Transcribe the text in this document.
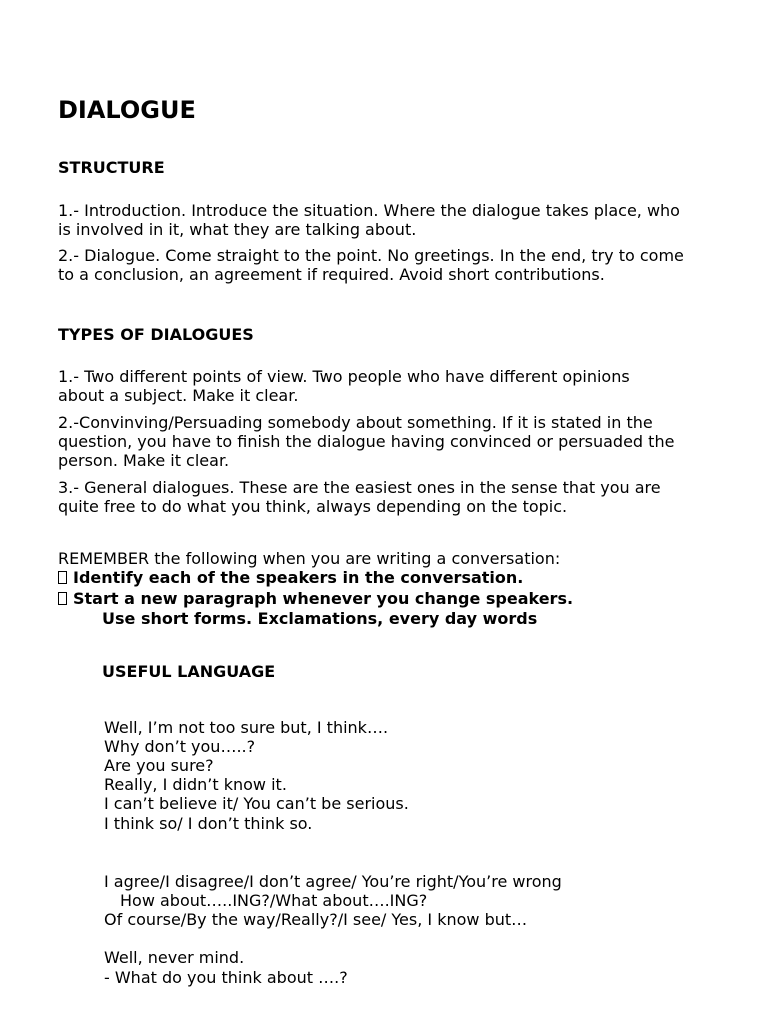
DIALOGUE
STRUCTURE

1.- Introduction. Introduce the situation. Where the dialogue takes place, who

is involved in it, what they are talking about.

2.- Dialogue. Come straight to the point. No greetings. In the end, try to come

to a conclusion, an agreement if required. Avoid short contributions.

TYPES OF DIALOGUES

1.- Two different points of view. Two people who have different opinions

about a subject. Make it clear.

2.-Convinving/Persuading somebody about something. If it is stated in the

question, you have to finish the dialogue having convinced or persuaded the

person. Make it clear.

3.- General dialogues. These are the easiest ones in the sense that you are

quite free to do what you think, always depending on the topic.

REMEMBER the following when you are writing a conversation:

Identify each of the speakers in the conversation.

Start a new paragraph whenever you change speakers.

Use short forms. Exclamations, every day words

USEFUL LANGUAGE

Well, I’m not too sure but, I think….

Why don’t you…..?

Are you sure?

Really, I didn’t know it.

I can’t believe it/ You can’t be serious.

I think so/ I don’t think so.

I agree/I disagree/I don’t agree/ You’re right/You’re wrong

How about…..ING?/What about….ING?

Of course/By the way/Really?/I see/ Yes, I know but…

Well, never mind.

- What do you think about ….?
